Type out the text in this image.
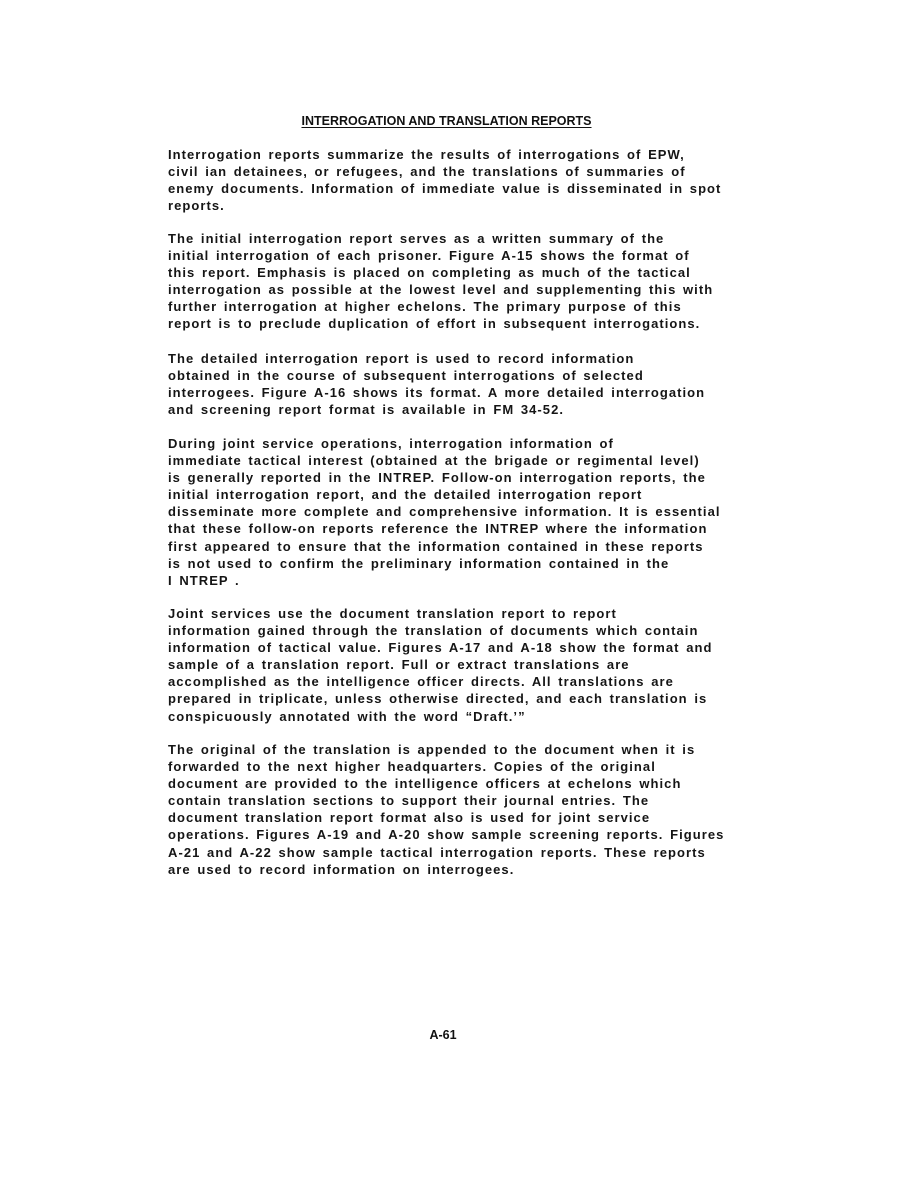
INTERROGATION AND TRANSLATION REPORTS

Interrogation reports summarize the results of interrogations of EPW,
civil ian detainees, or refugees, and the translations of summaries of
enemy documents. Information of immediate value is disseminated in spot
reports.

The initial interrogation report serves as a written summary of the
initial interrogation of each prisoner. Figure A-15 shows the format of
this report. Emphasis is placed on completing as much of the tactical
interrogation as possible at the lowest level and supplementing this with
further interrogation at higher echelons. The primary purpose of this
report is to preclude duplication of effort in subsequent interrogations.

The detailed interrogation report is used to record information
obtained in the course of subsequent interrogations of selected
interrogees. Figure A-16 shows its format. A more detailed interrogation
and screening report format is available in FM 34-52.

During joint service operations, interrogation information of
immediate tactical interest (obtained at the brigade or regimental level)
is generally reported in the INTREP. Follow-on interrogation reports, the
initial interrogation report, and the detailed interrogation report
disseminate more complete and comprehensive information. It is essential
that these follow-on reports reference the INTREP where the information
first appeared to ensure that the information contained in these reports
is not used to confirm the preliminary information contained in the
I NTREP .

Joint services use the document translation report to report
information gained through the translation of documents which contain
information of tactical value. Figures A-17 and A-18 show the format and
sample of a translation report. Full or extract translations are
accomplished as the intelligence officer directs. All translations are
prepared in triplicate, unless otherwise directed, and each translation is
conspicuously annotated with the word “Draft.’”

The original of the translation is appended to the document when it is
forwarded to the next higher headquarters. Copies of the original
document are provided to the intelligence officers at echelons which
contain translation sections to support their journal entries. The
document translation report format also is used for joint service
operations. Figures A-19 and A-20 show sample screening reports. Figures
A-21 and A-22 show sample tactical interrogation reports. These reports
are used to record information on interrogees.

A-61
